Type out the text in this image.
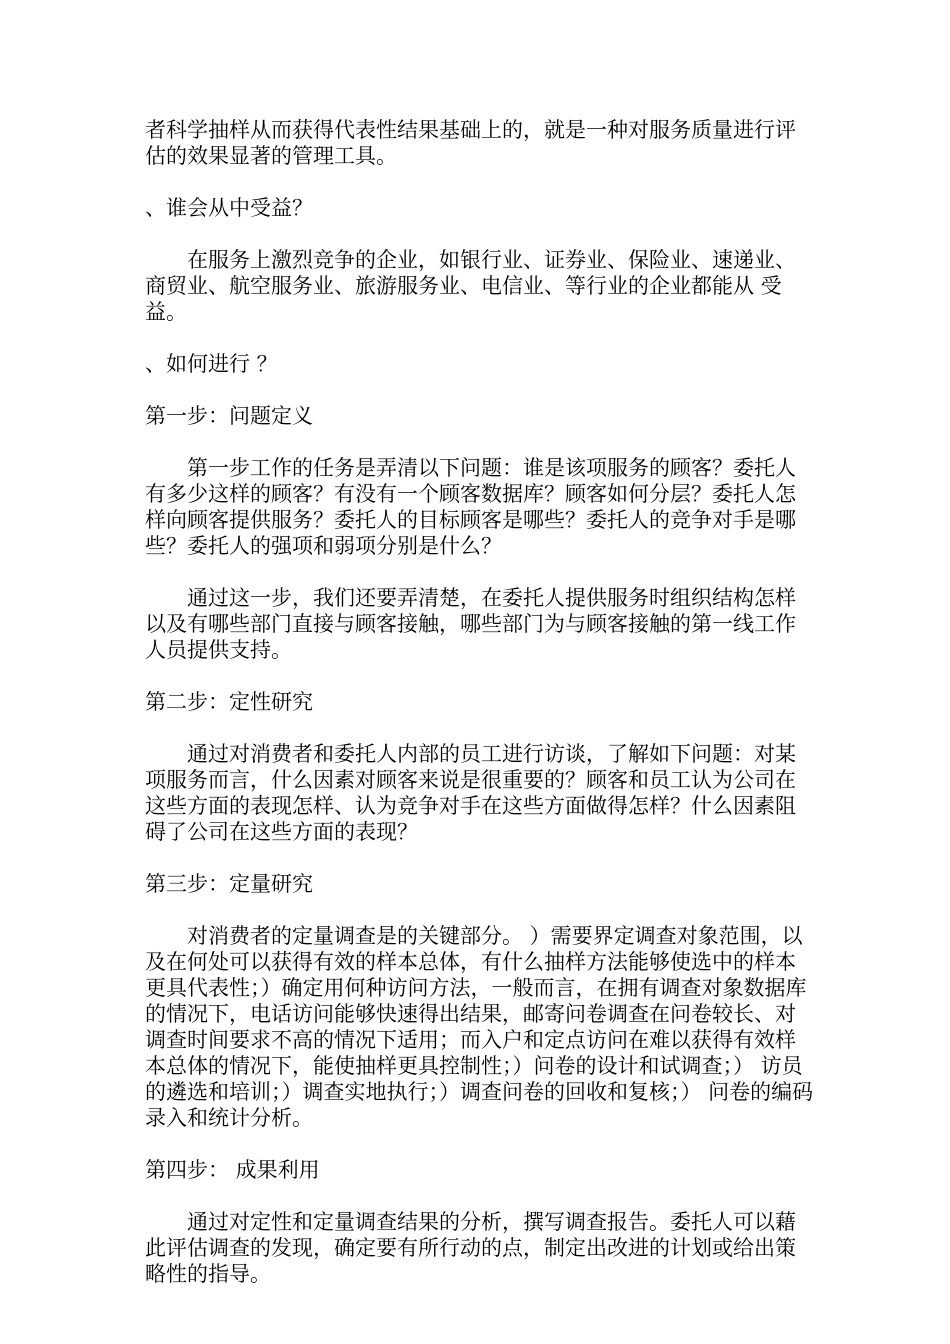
者科学抽样从而获得代表性结果基础上的，就是一种对服务质量进行评估的效果显著的管理工具。

、谁会从中受益？

在服务上激烈竞争的企业，如银行业、证券业、保险业、速递业、商贸业、航空服务业、旅游服务业、电信业、等行业的企业都能从 受益。

、如何进行 ？

第一步：问题定义

第一步工作的任务是弄清以下问题：谁是该项服务的顾客？委托人有多少这样的顾客？有没有一个顾客数据库？顾客如何分层？委托人怎样向顾客提供服务？委托人的目标顾客是哪些？委托人的竞争对手是哪些？委托人的强项和弱项分别是什么？

通过这一步，我们还要弄清楚，在委托人提供服务时组织结构怎样以及有哪些部门直接与顾客接触，哪些部门为与顾客接触的第一线工作人员提供支持。

第二步：定性研究

通过对消费者和委托人内部的员工进行访谈，了解如下问题：对某项服务而言，什么因素对顾客来说是很重要的？顾客和员工认为公司在这些方面的表现怎样、认为竞争对手在这些方面做得怎样？什么因素阻碍了公司在这些方面的表现？

第三步：定量研究

对消费者的定量调查是的关键部分。 ）需要界定调查对象范围，以及在何处可以获得有效的样本总体，有什么抽样方法能够使选中的样本更具代表性；）确定用何种访问方法，一般而言，在拥有调查对象数据库的情况下，电话访问能够快速得出结果，邮寄问卷调查在问卷较长、对调查时间要求不高的情况下适用；而入户和定点访问在难以获得有效样本总体的情况下，能使抽样更具控制性；）问卷的设计和试调查；） 访员的遴选和培训；）调查实地执行；）调查问卷的回收和复核；） 问卷的编码录入和统计分析。

第四步： 成果利用

通过对定性和定量调查结果的分析，撰写调查报告。委托人可以藉此评估调查的发现，确定要有所行动的点，制定出改进的计划或给出策略性的指导。
